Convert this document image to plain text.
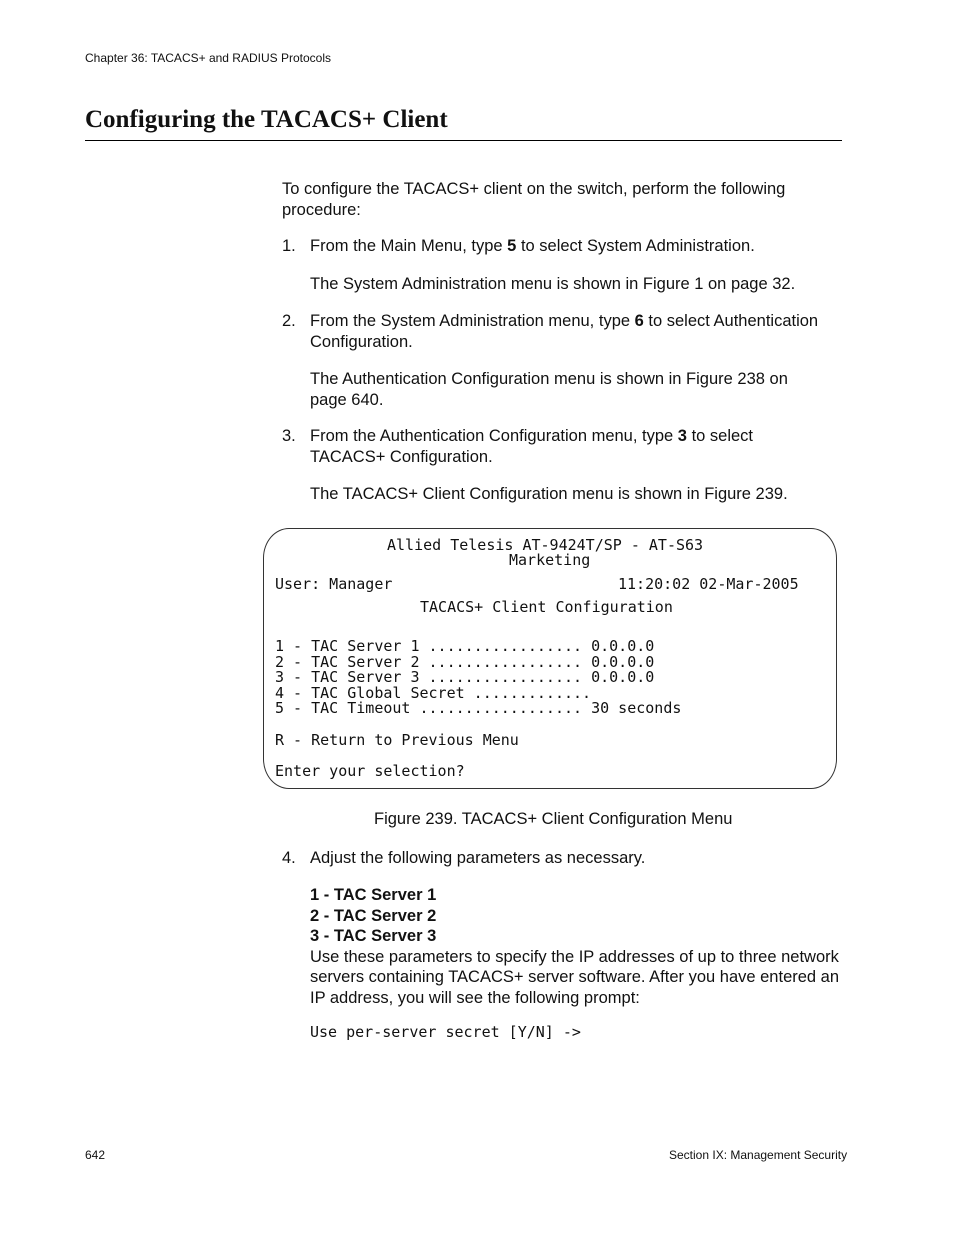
Chapter 36: TACACS+ and RADIUS Protocols
Configuring the TACACS+ Client

To configure the TACACS+ client on the switch, perform the following procedure:

1. From the Main Menu, type 5 to select System Administration.
The System Administration menu is shown in Figure 1 on page 32.
2. From the System Administration menu, type 6 to select Authentication Configuration.
The Authentication Configuration menu is shown in Figure 238 on page 640.
3. From the Authentication Configuration menu, type 3 to select TACACS+ Configuration.
The TACACS+ Client Configuration menu is shown in Figure 239.
Allied Telesis AT-9424T/SP - AT-S63
Marketing
User: Manager	11:20:02 02-Mar-2005
TACACS+ Client Configuration
1 - TAC Server 1 ................. 0.0.0.0
2 - TAC Server 2 ................. 0.0.0.0
3 - TAC Server 3 ................. 0.0.0.0
4 - TAC Global Secret .............
5 - TAC Timeout .................. 30 seconds
R - Return to Previous Menu
Enter your selection?
Figure 239. TACACS+ Client Configuration Menu
4. Adjust the following parameters as necessary.
1 - TAC Server 1
2 - TAC Server 2
3 - TAC Server 3
Use these parameters to specify the IP addresses of up to three network servers containing TACACS+ server software. After you have entered an IP address, you will see the following prompt:
Use per-server secret [Y/N] ->
642	Section IX: Management Security
